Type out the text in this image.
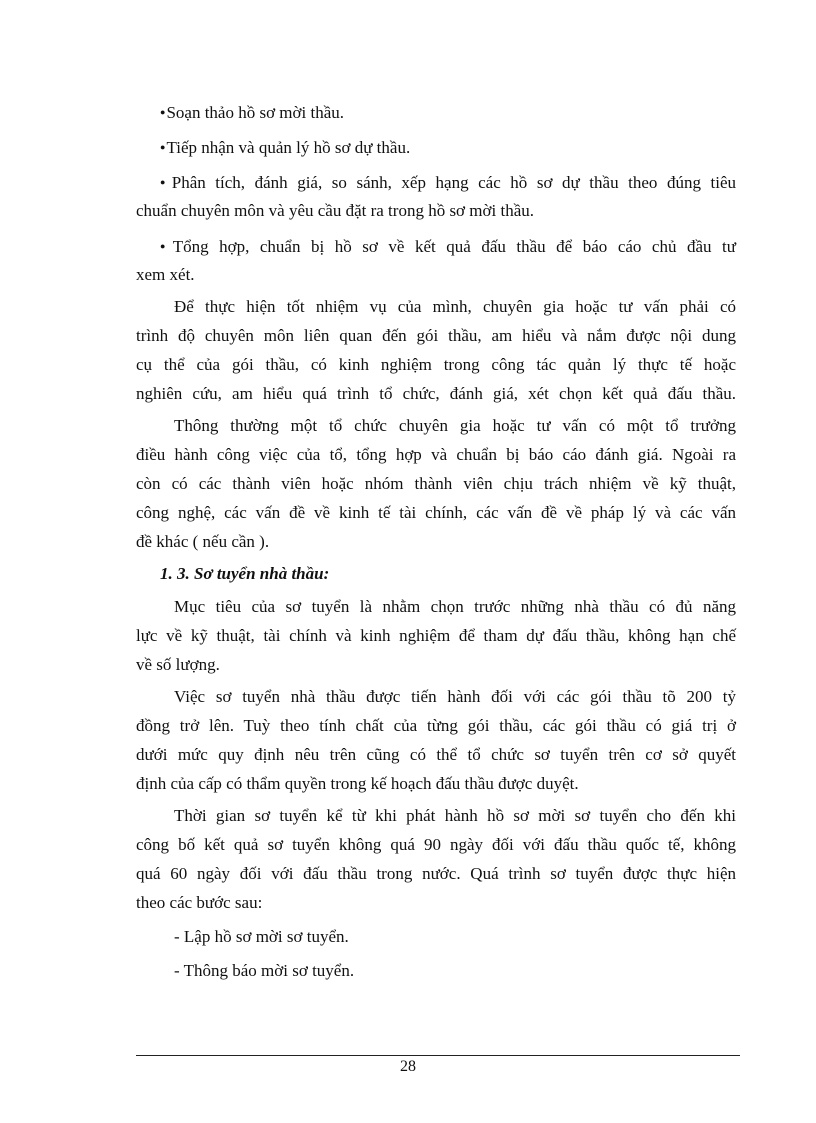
● Soạn thảo hồ sơ mời thầu.
● Tiếp nhận và quản lý hồ sơ dự thầu.
● Phân tích, đánh giá, so sánh, xếp hạng các hồ sơ dự thầu theo đúng tiêu
chuẩn chuyên môn và yêu cầu đặt ra trong hồ sơ mời thầu.
● Tổng hợp, chuẩn bị hồ sơ về kết quả đấu thầu để báo cáo chủ đầu tư
xem xét.
Để thực hiện tốt nhiệm vụ của mình, chuyên gia hoặc tư vấn phải có
trình độ chuyên môn liên quan đến gói thầu, am hiểu và nắm được nội dung
cụ thể của gói thầu, có kinh nghiệm trong công tác quản lý thực tế hoặc
nghiên cứu, am hiểu quá trình tổ chức, đánh giá, xét chọn kết quả đấu thầu.
Thông thường một tổ chức chuyên gia hoặc tư vấn có một tổ trưởng
điều hành công việc của tổ, tổng hợp và chuẩn bị báo cáo đánh giá. Ngoài ra
còn có các thành viên hoặc nhóm thành viên chịu trách nhiệm về kỹ thuật,
công nghệ, các vấn đề về kinh tế tài chính, các vấn đề về pháp lý và các vấn
đề khác ( nếu cần ).
1. 3. Sơ tuyển nhà thầu:
Mục tiêu của sơ tuyển là nhằm chọn trước những nhà thầu có đủ năng
lực về kỹ thuật, tài chính và kinh nghiệm để tham dự đấu thầu, không hạn chế
về số lượng.
Việc sơ tuyển nhà thầu được tiến hành đối với các gói thầu tõ 200 tỷ
đồng trở lên. Tuỳ theo tính chất của từng gói thầu, các gói thầu có giá trị ở
dưới mức quy định nêu trên cũng có thể tổ chức sơ tuyển trên cơ sở quyết
định của cấp có thẩm quyền trong kế hoạch đấu thầu được duyệt.
Thời gian sơ tuyển kể từ khi phát hành hồ sơ mời sơ tuyển cho đến khi
công bố kết quả sơ tuyển không quá 90 ngày đối với đấu thầu quốc tế, không
quá 60 ngày đối với đấu thầu trong nước. Quá trình sơ tuyển được thực hiện
theo các bước sau:
- Lập hồ sơ mời sơ tuyển.
- Thông báo mời sơ tuyển.
28
